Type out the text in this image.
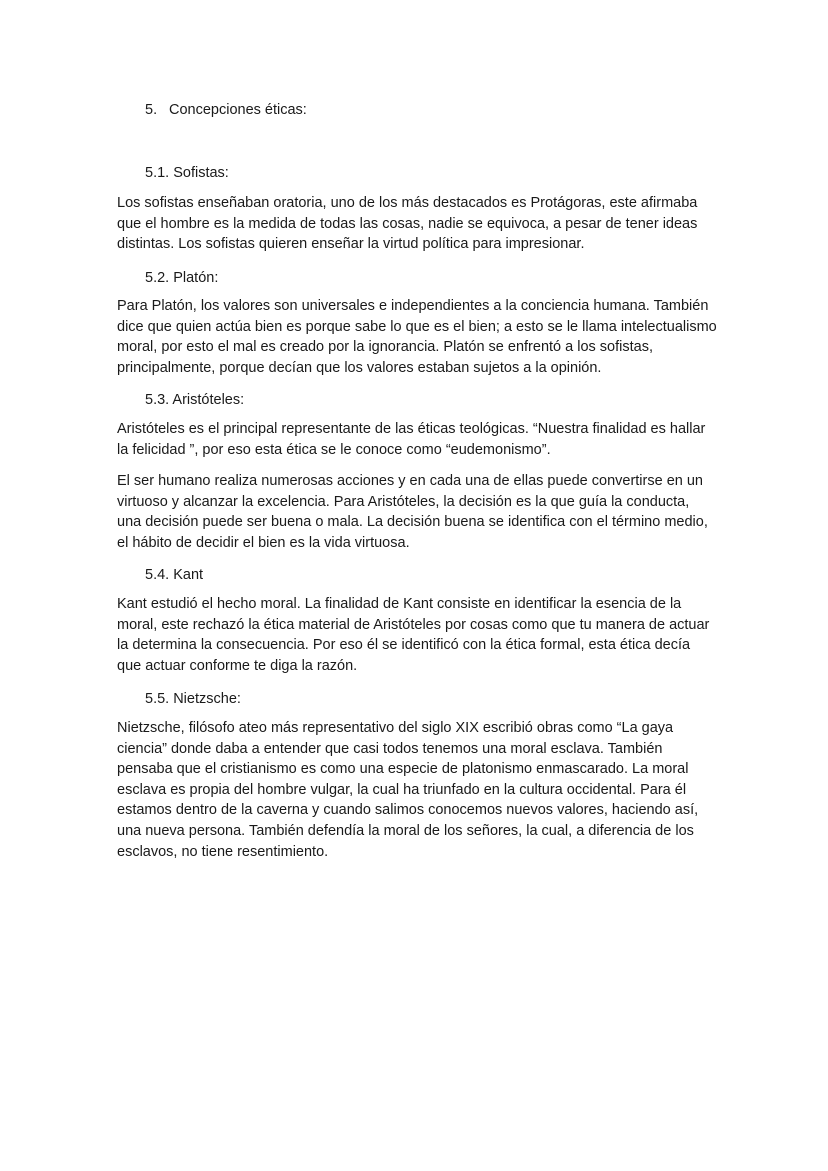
5. Concepciones éticas:
5.1. Sofistas:

Los sofistas enseñaban oratoria, uno de los más destacados es Protágoras, este afirmaba que el hombre es la medida de todas las cosas, nadie se equivoca, a pesar de tener ideas distintas. Los sofistas quieren enseñar la virtud política para impresionar.

5.2. Platón:

Para Platón, los valores son universales e independientes a la conciencia humana. También dice que quien actúa bien es porque sabe lo que es el bien; a esto se le llama intelectualismo moral, por esto el mal es creado por la ignorancia. Platón se enfrentó a los sofistas, principalmente, porque decían que los valores estaban sujetos a la opinión.

5.3. Aristóteles:

Aristóteles es el principal representante de las éticas teológicas. “Nuestra finalidad es hallar la felicidad ”, por eso esta ética se le conoce como “eudemonismo”.

El ser humano realiza numerosas acciones y en cada una de ellas puede convertirse en un virtuoso y alcanzar la excelencia. Para Aristóteles, la decisión es la que guía la conducta, una decisión puede ser buena o mala. La decisión buena se identifica con el término medio, el hábito de decidir el bien es la vida virtuosa.

5.4. Kant

Kant estudió el hecho moral. La finalidad de Kant consiste en identificar la esencia de la moral, este rechazó la ética material de Aristóteles por cosas como que tu manera de actuar la determina la consecuencia. Por eso él se identificó con la ética formal, esta ética decía que actuar conforme te diga la razón.

5.5. Nietzsche:

Nietzsche, filósofo ateo más representativo del siglo XIX escribió obras como “La gaya ciencia” donde daba a entender que casi todos tenemos una moral esclava. También pensaba que el cristianismo es como una especie de platonismo enmascarado. La moral esclava es propia del hombre vulgar, la cual ha triunfado en la cultura occidental. Para él estamos dentro de la caverna y cuando salimos conocemos nuevos valores, haciendo así, una nueva persona. También defendía la moral de los señores, la cual, a diferencia de los esclavos, no tiene resentimiento.
